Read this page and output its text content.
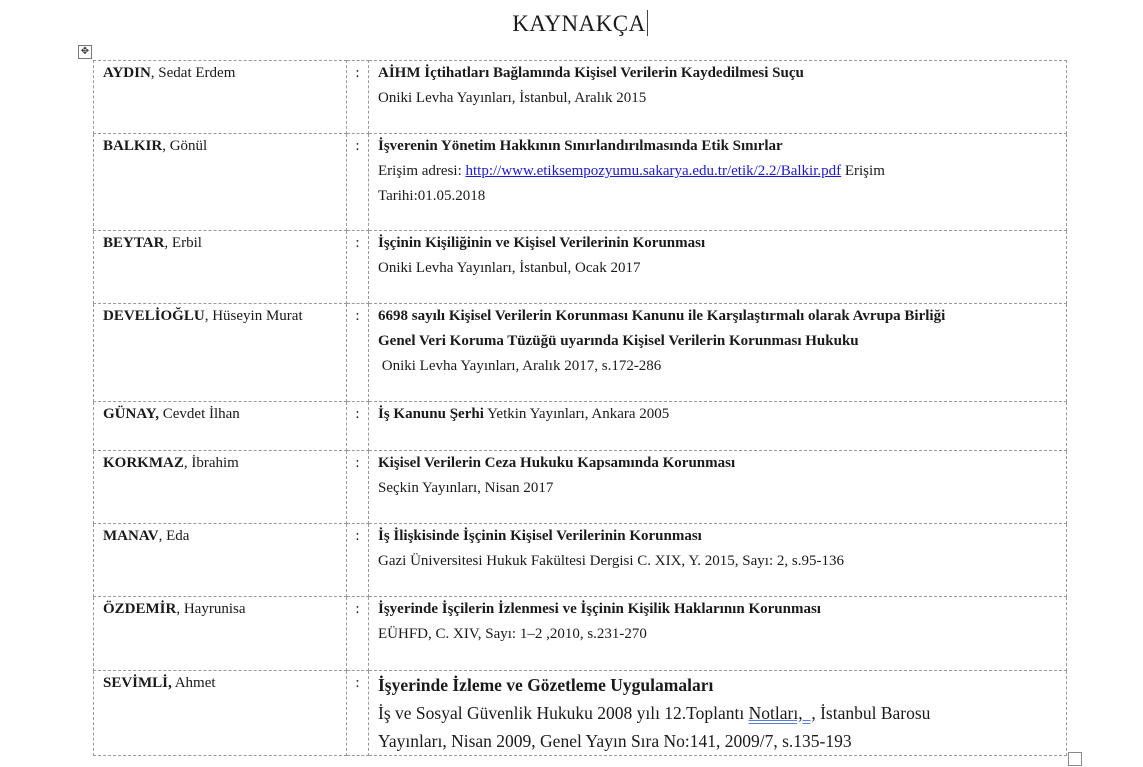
KAYNAKÇA
✥
AYDIN, Sedat Erdem	:	AİHM İçtihatları Bağlamında Kişisel Verilerin Kaydedilmesi Suçu
Oniki Levha Yayınları, İstanbul, Aralık 2015

BALKIR, Gönül	:	İşverenin Yönetim Hakkının Sınırlandırılmasında Etik Sınırlar
Erişim adresi: http://www.etiksempozyumu.sakarya.edu.tr/etik/2.2/Balkir.pdf Erişim
Tarihi:01.05.2018

BEYTAR, Erbil	:	İşçinin Kişiliğinin ve Kişisel Verilerinin Korunması
Oniki Levha Yayınları, İstanbul, Ocak 2017

DEVELİOĞLU, Hüseyin Murat	:	6698 sayılı Kişisel Verilerin Korunması Kanunu ile Karşılaştırmalı olarak Avrupa Birliği
Genel Veri Koruma Tüzüğü uyarında Kişisel Verilerin Korunması Hukuku
Oniki Levha Yayınları, Aralık 2017, s.172-286

GÜNAY, Cevdet İlhan	:	İş Kanunu Şerhi Yetkin Yayınları, Ankara 2005

KORKMAZ, İbrahim	:	Kişisel Verilerin Ceza Hukuku Kapsamında Korunması
Seçkin Yayınları, Nisan 2017

MANAV, Eda	:	İş İlişkisinde İşçinin Kişisel Verilerinin Korunması
Gazi Üniversitesi Hukuk Fakültesi Dergisi C. XIX, Y. 2015, Sayı: 2, s.95-136

ÖZDEMİR, Hayrunisa	:	İşyerinde İşçilerin İzlenmesi ve İşçinin Kişilik Haklarının Korunması
EÜHFD, C. XIV, Sayı: 1–2 ,2010, s.231-270

SEVİMLİ, Ahmet	:	İşyerinde İzleme ve Gözetleme Uygulamaları
İş ve Sosyal Güvenlik Hukuku 2008 yılı 12.Toplantı Notları,  , İstanbul Barosu
Yayınları, Nisan 2009, Genel Yayın Sıra No:141, 2009/7, s.135-193
